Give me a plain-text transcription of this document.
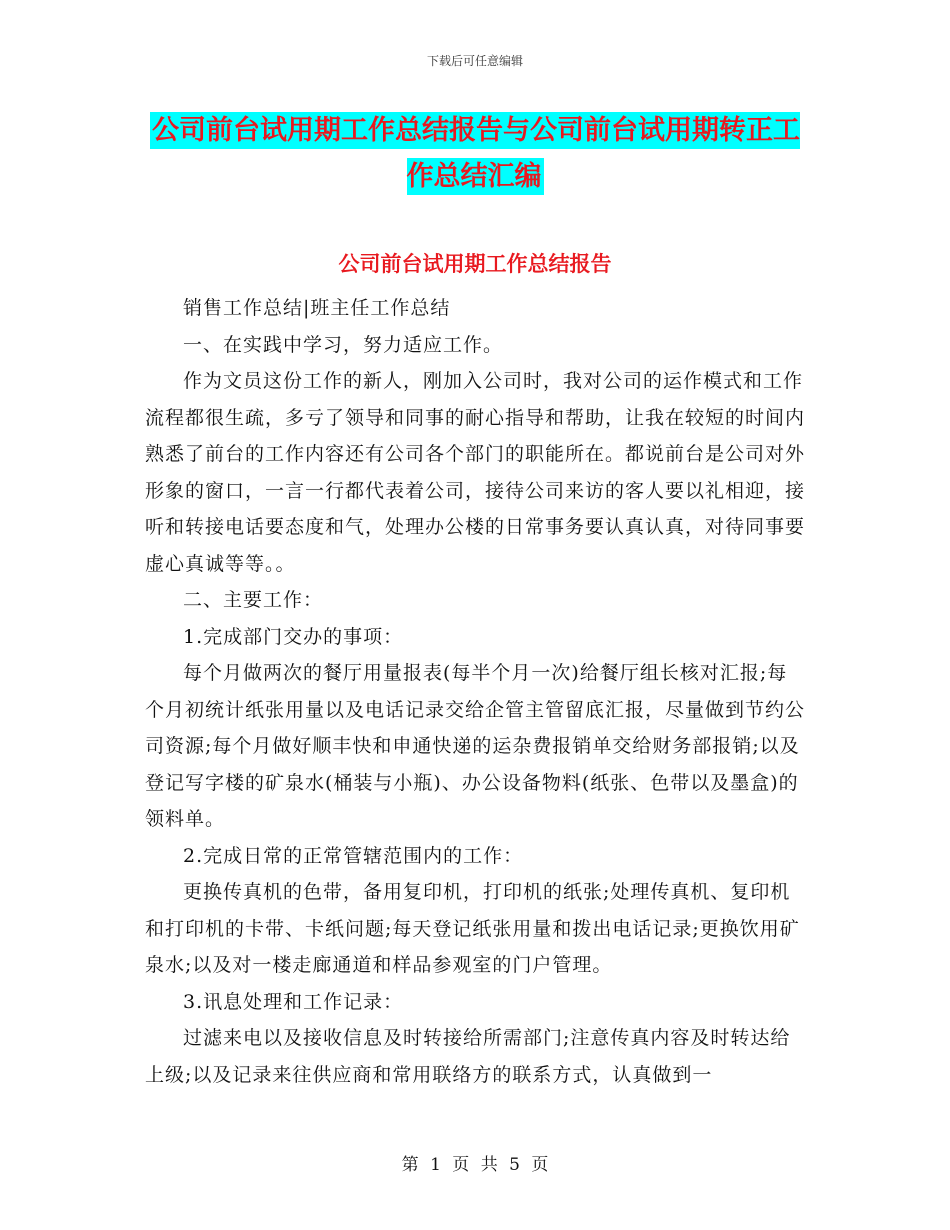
下载后可任意编辑
公司前台试用期工作总结报告与公司前台试用期转正工作总结汇编
公司前台试用期工作总结报告

销售工作总结|班主任工作总结

一、在实践中学习，努力适应工作。

作为文员这份工作的新人，刚加入公司时，我对公司的运作模式和工作流程都很生疏，多亏了领导和同事的耐心指导和帮助，让我在较短的时间内熟悉了前台的工作内容还有公司各个部门的职能所在。都说前台是公司对外形象的窗口，一言一行都代表着公司，接待公司来访的客人要以礼相迎，接听和转接电话要态度和气，处理办公楼的日常事务要认真认真，对待同事要虚心真诚等等。。

二、主要工作：

1.完成部门交办的事项：

每个月做两次的餐厅用量报表(每半个月一次)给餐厅组长核对汇报;每个月初统计纸张用量以及电话记录交给企管主管留底汇报，尽量做到节约公司资源;每个月做好顺丰快和申通快递的运杂费报销单交给财务部报销;以及登记写字楼的矿泉水(桶装与小瓶)、办公设备物料(纸张、色带以及墨盒)的领料单。

2.完成日常的正常管辖范围内的工作：

更换传真机的色带，备用复印机，打印机的纸张;处理传真机、复印机和打印机的卡带、卡纸问题;每天登记纸张用量和拨出电话记录;更换饮用矿泉水;以及对一楼走廊通道和样品参观室的门户管理。

3.讯息处理和工作记录：

过滤来电以及接收信息及时转接给所需部门;注意传真内容及时转达给上级;以及记录来往供应商和常用联络方的联系方式，认真做到一

第 1 页 共 5 页
